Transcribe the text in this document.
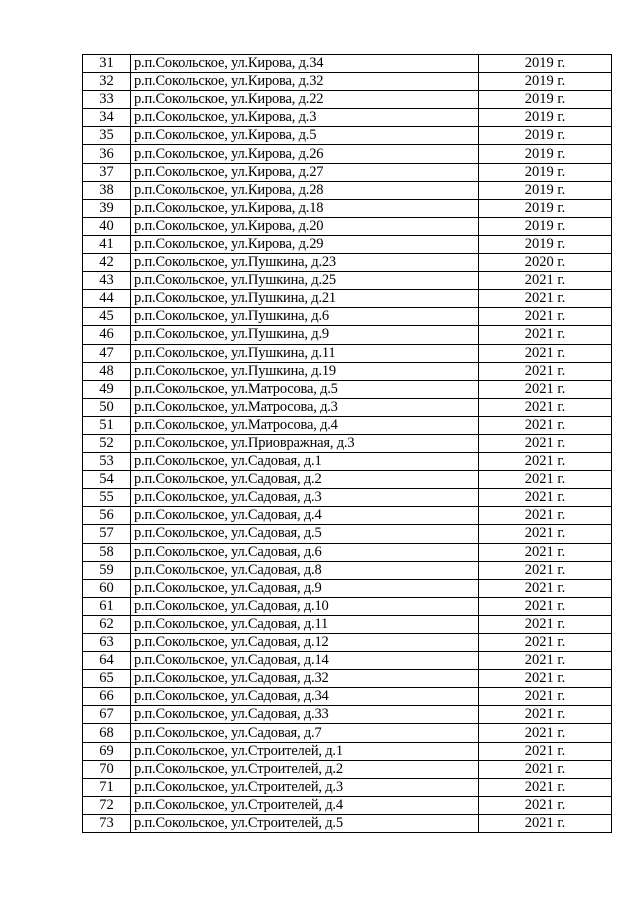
31	р.п.Сокольское, ул.Кирова, д.34	2019 г.
32	р.п.Сокольское, ул.Кирова, д.32	2019 г.
33	р.п.Сокольское, ул.Кирова, д.22	2019 г.
34	р.п.Сокольское, ул.Кирова, д.3	2019 г.
35	р.п.Сокольское, ул.Кирова, д.5	2019 г.
36	р.п.Сокольское, ул.Кирова, д.26	2019 г.
37	р.п.Сокольское, ул.Кирова, д.27	2019 г.
38	р.п.Сокольское, ул.Кирова, д.28	2019 г.
39	р.п.Сокольское, ул.Кирова, д.18	2019 г.
40	р.п.Сокольское, ул.Кирова, д.20	2019 г.
41	р.п.Сокольское, ул.Кирова, д.29	2019 г.
42	р.п.Сокольское, ул.Пушкина, д.23	2020 г.
43	р.п.Сокольское, ул.Пушкина, д.25	2021 г.
44	р.п.Сокольское, ул.Пушкина, д.21	2021 г.
45	р.п.Сокольское, ул.Пушкина, д.6	2021 г.
46	р.п.Сокольское, ул.Пушкина, д.9	2021 г.
47	р.п.Сокольское, ул.Пушкина, д.11	2021 г.
48	р.п.Сокольское, ул.Пушкина, д.19	2021 г.
49	р.п.Сокольское, ул.Матросова, д.5	2021 г.
50	р.п.Сокольское, ул.Матросова, д.3	2021 г.
51	р.п.Сокольское, ул.Матросова, д.4	2021 г.
52	р.п.Сокольское, ул.Приовражная, д.3	2021 г.
53	р.п.Сокольское, ул.Садовая, д.1	2021 г.
54	р.п.Сокольское, ул.Садовая, д.2	2021 г.
55	р.п.Сокольское, ул.Садовая, д.3	2021 г.
56	р.п.Сокольское, ул.Садовая, д.4	2021 г.
57	р.п.Сокольское, ул.Садовая, д.5	2021 г.
58	р.п.Сокольское, ул.Садовая, д.6	2021 г.
59	р.п.Сокольское, ул.Садовая, д.8	2021 г.
60	р.п.Сокольское, ул.Садовая, д.9	2021 г.
61	р.п.Сокольское, ул.Садовая, д.10	2021 г.
62	р.п.Сокольское, ул.Садовая, д.11	2021 г.
63	р.п.Сокольское, ул.Садовая, д.12	2021 г.
64	р.п.Сокольское, ул.Садовая, д.14	2021 г.
65	р.п.Сокольское, ул.Садовая, д.32	2021 г.
66	р.п.Сокольское, ул.Садовая, д.34	2021 г.
67	р.п.Сокольское, ул.Садовая, д.33	2021 г.
68	р.п.Сокольское, ул.Садовая, д.7	2021 г.
69	р.п.Сокольское, ул.Строителей, д.1	2021 г.
70	р.п.Сокольское, ул.Строителей, д.2	2021 г.
71	р.п.Сокольское, ул.Строителей, д.3	2021 г.
72	р.п.Сокольское, ул.Строителей, д.4	2021 г.
73	р.п.Сокольское, ул.Строителей, д.5	2021 г.
